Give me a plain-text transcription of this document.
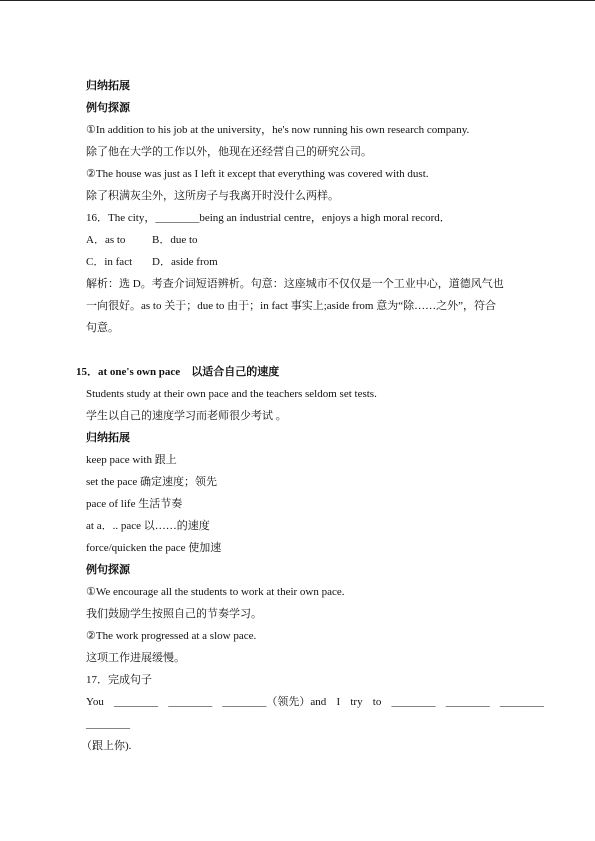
归纳拓展
例句探源
①In addition to his job at the university，he's now running his own research company.
除了他在大学的工作以外，他现在还经营自己的研究公司。
②The house was just as I left it except that everything was covered with dust.
除了积满灰尘外，这所房子与我离开时没什么两样。
16．The city，________being an industrial centre，enjoys a high moral record．
A．as to B．due to
C．in fact D．aside from
解析：选 D。考查介词短语辨析。句意：这座城市不仅仅是一个工业中心，道德风气也
一向很好。as to 关于；due to 由于；in fact 事实上;aside from 意为“除……之外”，符合
句意。
15．at one's own pace　以适合自己的速度
Students study at their own pace and the teachers seldom set tests.
学生以自己的速度学习而老师很少考试 。
归纳拓展
keep pace with 跟上
set the pace 确定速度；领先
pace of life 生活节奏
at a．.. pace 以……的速度
force/quicken the pace 使加速
例句探源
①We encourage all the students to work at their own pace.
我们鼓励学生按照自己的节奏学习。
②The work progressed at a slow pace.
这项工作进展缓慢。
17．完成句子
You ________ ________ ________（领先）and I try to ________ ________ ________
________
（跟上你).
